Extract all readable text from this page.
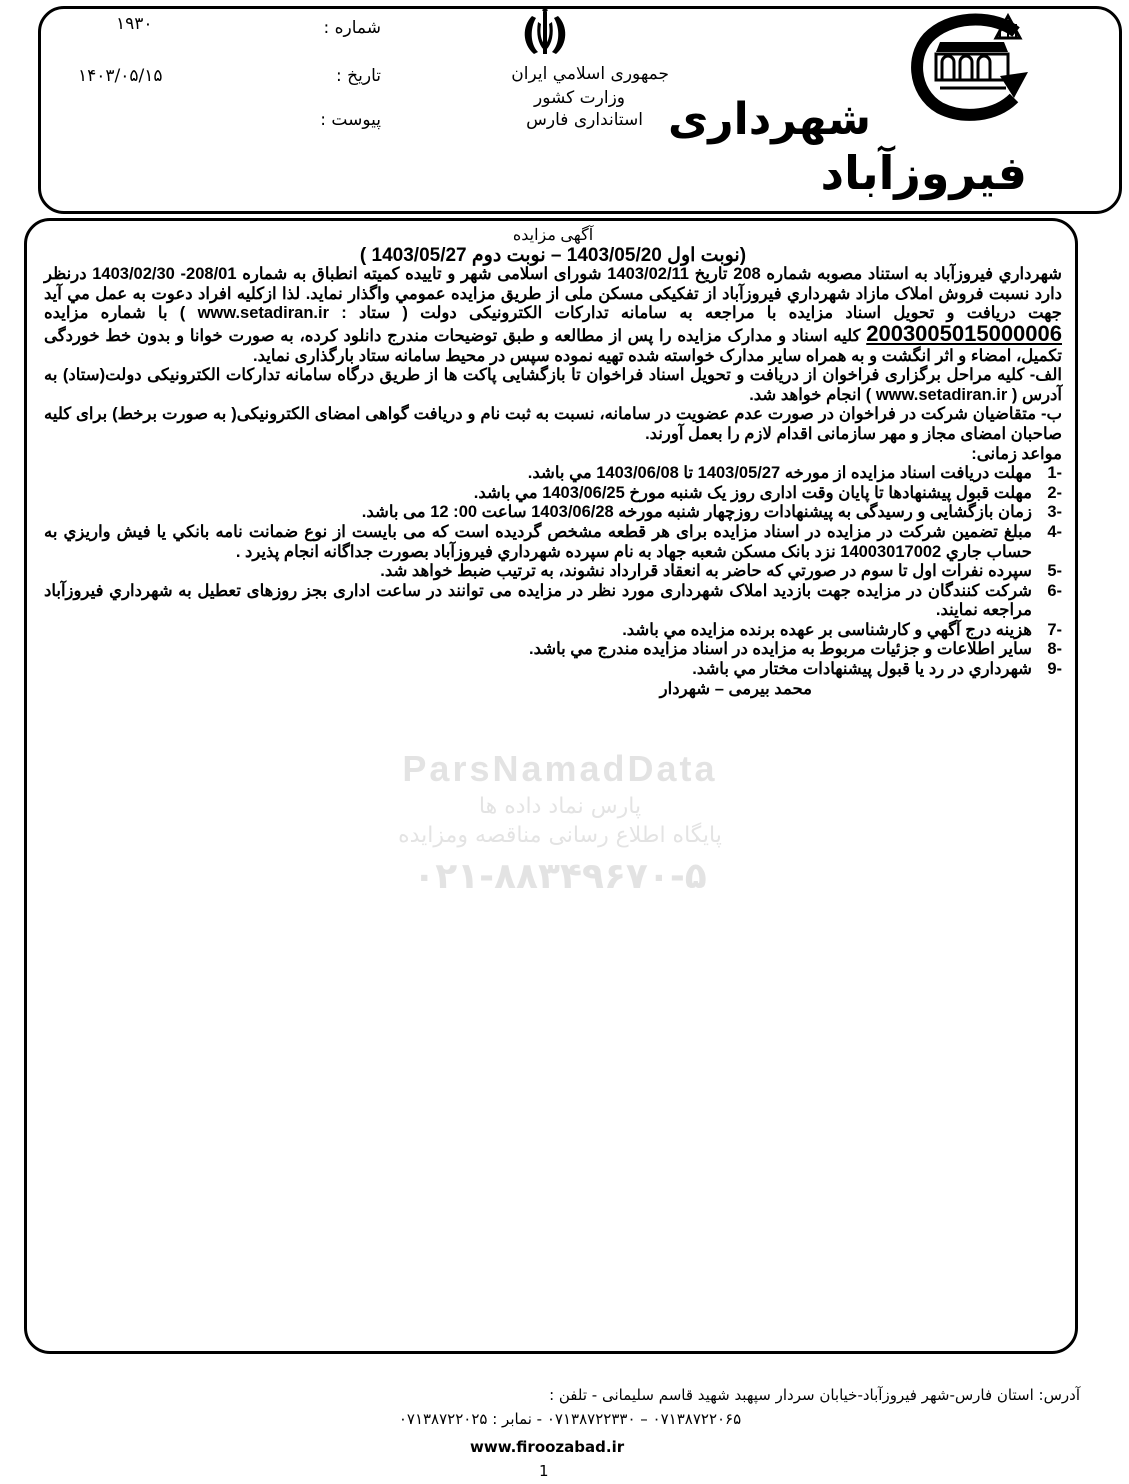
شماره :
۱۹۳۰
تاریخ :
۱۴۰۳/۰۵/۱۵
پیوست :
جمهوری اسلامي ایران
وزارت کشور
استانداری فارس شهرداری
فیروزآباد
ParsNamadData
پارس نماد داده ها
پایگاه اطلاع رسانی مناقصه ومزایده
۰۲۱-۸۸۳۴۹۶۷۰-۵

آگهی مزایده

(نوبت اول 1403/05/20 – نوبت دوم 1403/05/27 )

شهرداري فیروزآباد به استناد مصوبه شماره 208 تاریخ 1403/02/11 شورای اسلامی شهر و تاییده کمیته انطباق به شماره 208/01- 1403/02/30 درنظر دارد نسبت فروش املاک مازاد شهرداري فیروزآباد از تفکیکی مسکن ملی از طریق مزایده عمومي واگذار نماید. لذا ازکلیه افراد دعوت به عمل مي آید جهت دریافت و تحویل اسناد مزایده با مراجعه به سامانه تدارکات الکترونیکی دولت ( ستاد : www.setadiran.ir ) با شماره مزایده 2003005015000006 کلیه اسناد و مدارک مزایده را پس از مطالعه و طبق توضیحات مندرج دانلود کرده، به صورت خوانا و بدون خط خوردگی تکمیل، امضاء و اثر انگشت و به همراه سایر مدارک خواسته شده تهیه نموده سپس در محیط سامانه ستاد بارگذاری نماید.

الف- کلیه مراحل برگزاری فراخوان از دریافت و تحویل اسناد فراخوان تا بازگشایی پاکت ها از طریق درگاه سامانه تدارکات الکترونیکی دولت(ستاد) به آدرس ( www.setadiran.ir ) انجام خواهد شد.

ب- متقاضیان شرکت در فراخوان در صورت عدم عضویت در سامانه، نسبت به ثبت نام و دریافت گواهی امضای الکترونیکی( به صورت برخط) برای کلیه صاحبان امضای مجاز و مهر سازمانی اقدام لازم را بعمل آورند.

مواعد زمانی:

-1
مهلت دریافت اسناد مزایده از مورخه 1403/05/27 تا 1403/06/08 مي باشد.
-2
مهلت قبول پیشنهادها تا پایان وقت اداری روز یک شنبه مورخ 1403/06/25 مي باشد.
-3
زمان بازگشایی و رسیدگی به پیشنهادات روزچهار شنبه مورخه 1403/06/28 ساعت 00: 12 می باشد.
-4
مبلغ تضمین شرکت در مزایده در اسناد مزایده برای هر قطعه مشخص گردیده است که می بایست از نوع ضمانت نامه بانکي یا فیش واریزي به حساب جاري 14003017002 نزد بانک مسکن شعبه جهاد به نام سپرده شهرداري فیروزآباد بصورت جداگانه انجام پذیرد .
-5
سپرده نفرات اول تا سوم در صورتي که حاضر به انعقاد قرارداد نشوند، به ترتیب ضبط خواهد شد.
-6
شرکت کنندگان در مزایده جهت بازدید املاک شهرداری مورد نظر در مزایده می توانند در ساعت اداری بجز روزهای تعطیل به شهرداري فیروزآباد مراجعه نمایند.
-7
هزینه درج آگهي و کارشناسی بر عهده برنده مزایده مي باشد.
-8
سایر اطلاعات و جزئیات مربوط به مزایده در اسناد مزایده مندرج مي باشد.
-9
شهرداري در رد یا قبول پیشنهادات مختار مي باشد.

محمد بیرمی – شهردار

آدرس: استان فارس-شهر فیروزآباد-خیابان سردار سپهبد شهید قاسم سلیمانی - تلفن :
۰۷۱۳۸۷۲۲۰۶۵ – ۰۷۱۳۸۷۲۲۳۳۰ - نمابر : ۰۷۱۳۸۷۲۲۰۲۵
www.firoozabad.ir
1
